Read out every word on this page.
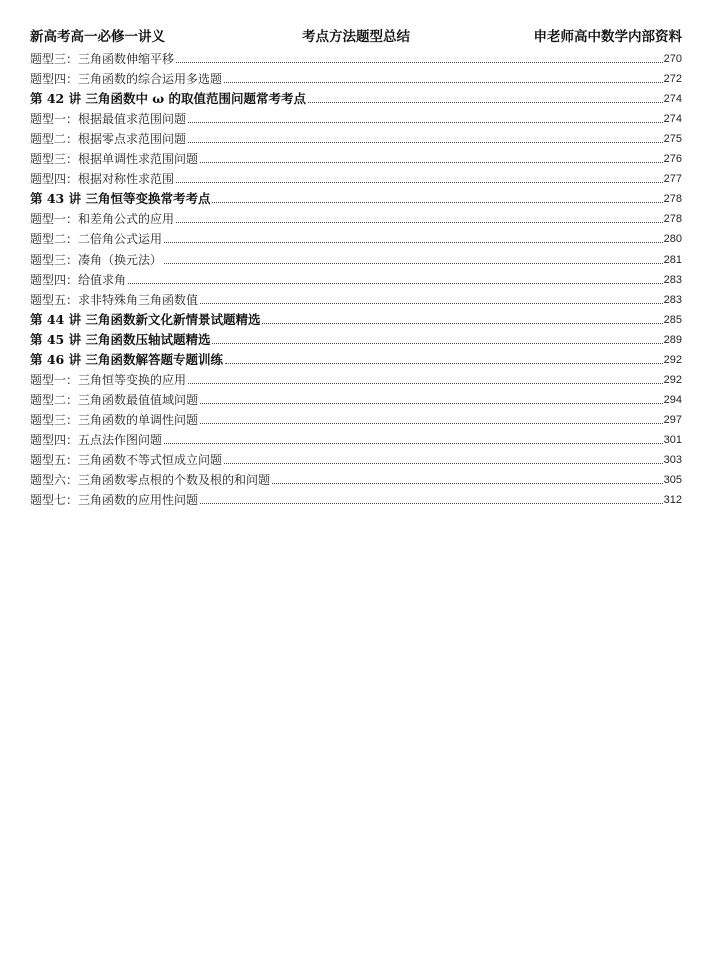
新高考高一必修一讲义	考点方法题型总结	申老师高中数学内部资料
题型三：三角函数伸缩平移	270
题型四：三角函数的综合运用多选题	272
第 42 讲 三角函数中 ω 的取值范围问题常考考点	274
题型一：根据最值求范围问题	274
题型二：根据零点求范围问题	275
题型三：根据单调性求范围问题	276
题型四：根据对称性求范围	277
第 43 讲 三角恒等变换常考考点	278
题型一：和差角公式的应用	278
题型二：二倍角公式运用	280
题型三：凑角（换元法）	281
题型四：给值求角	283
题型五：求非特殊角三角函数值	283
第 44 讲 三角函数新文化新情景试题精选	285
第 45 讲 三角函数压轴试题精选	289
第 46 讲 三角函数解答题专题训练	292
题型一：三角恒等变换的应用	292
题型二：三角函数最值值域问题	294
题型三：三角函数的单调性问题	297
题型四：五点法作图问题	301
题型五：三角函数不等式恒成立问题	303
题型六：三角函数零点根的个数及根的和问题	305
题型七：三角函数的应用性问题	312
